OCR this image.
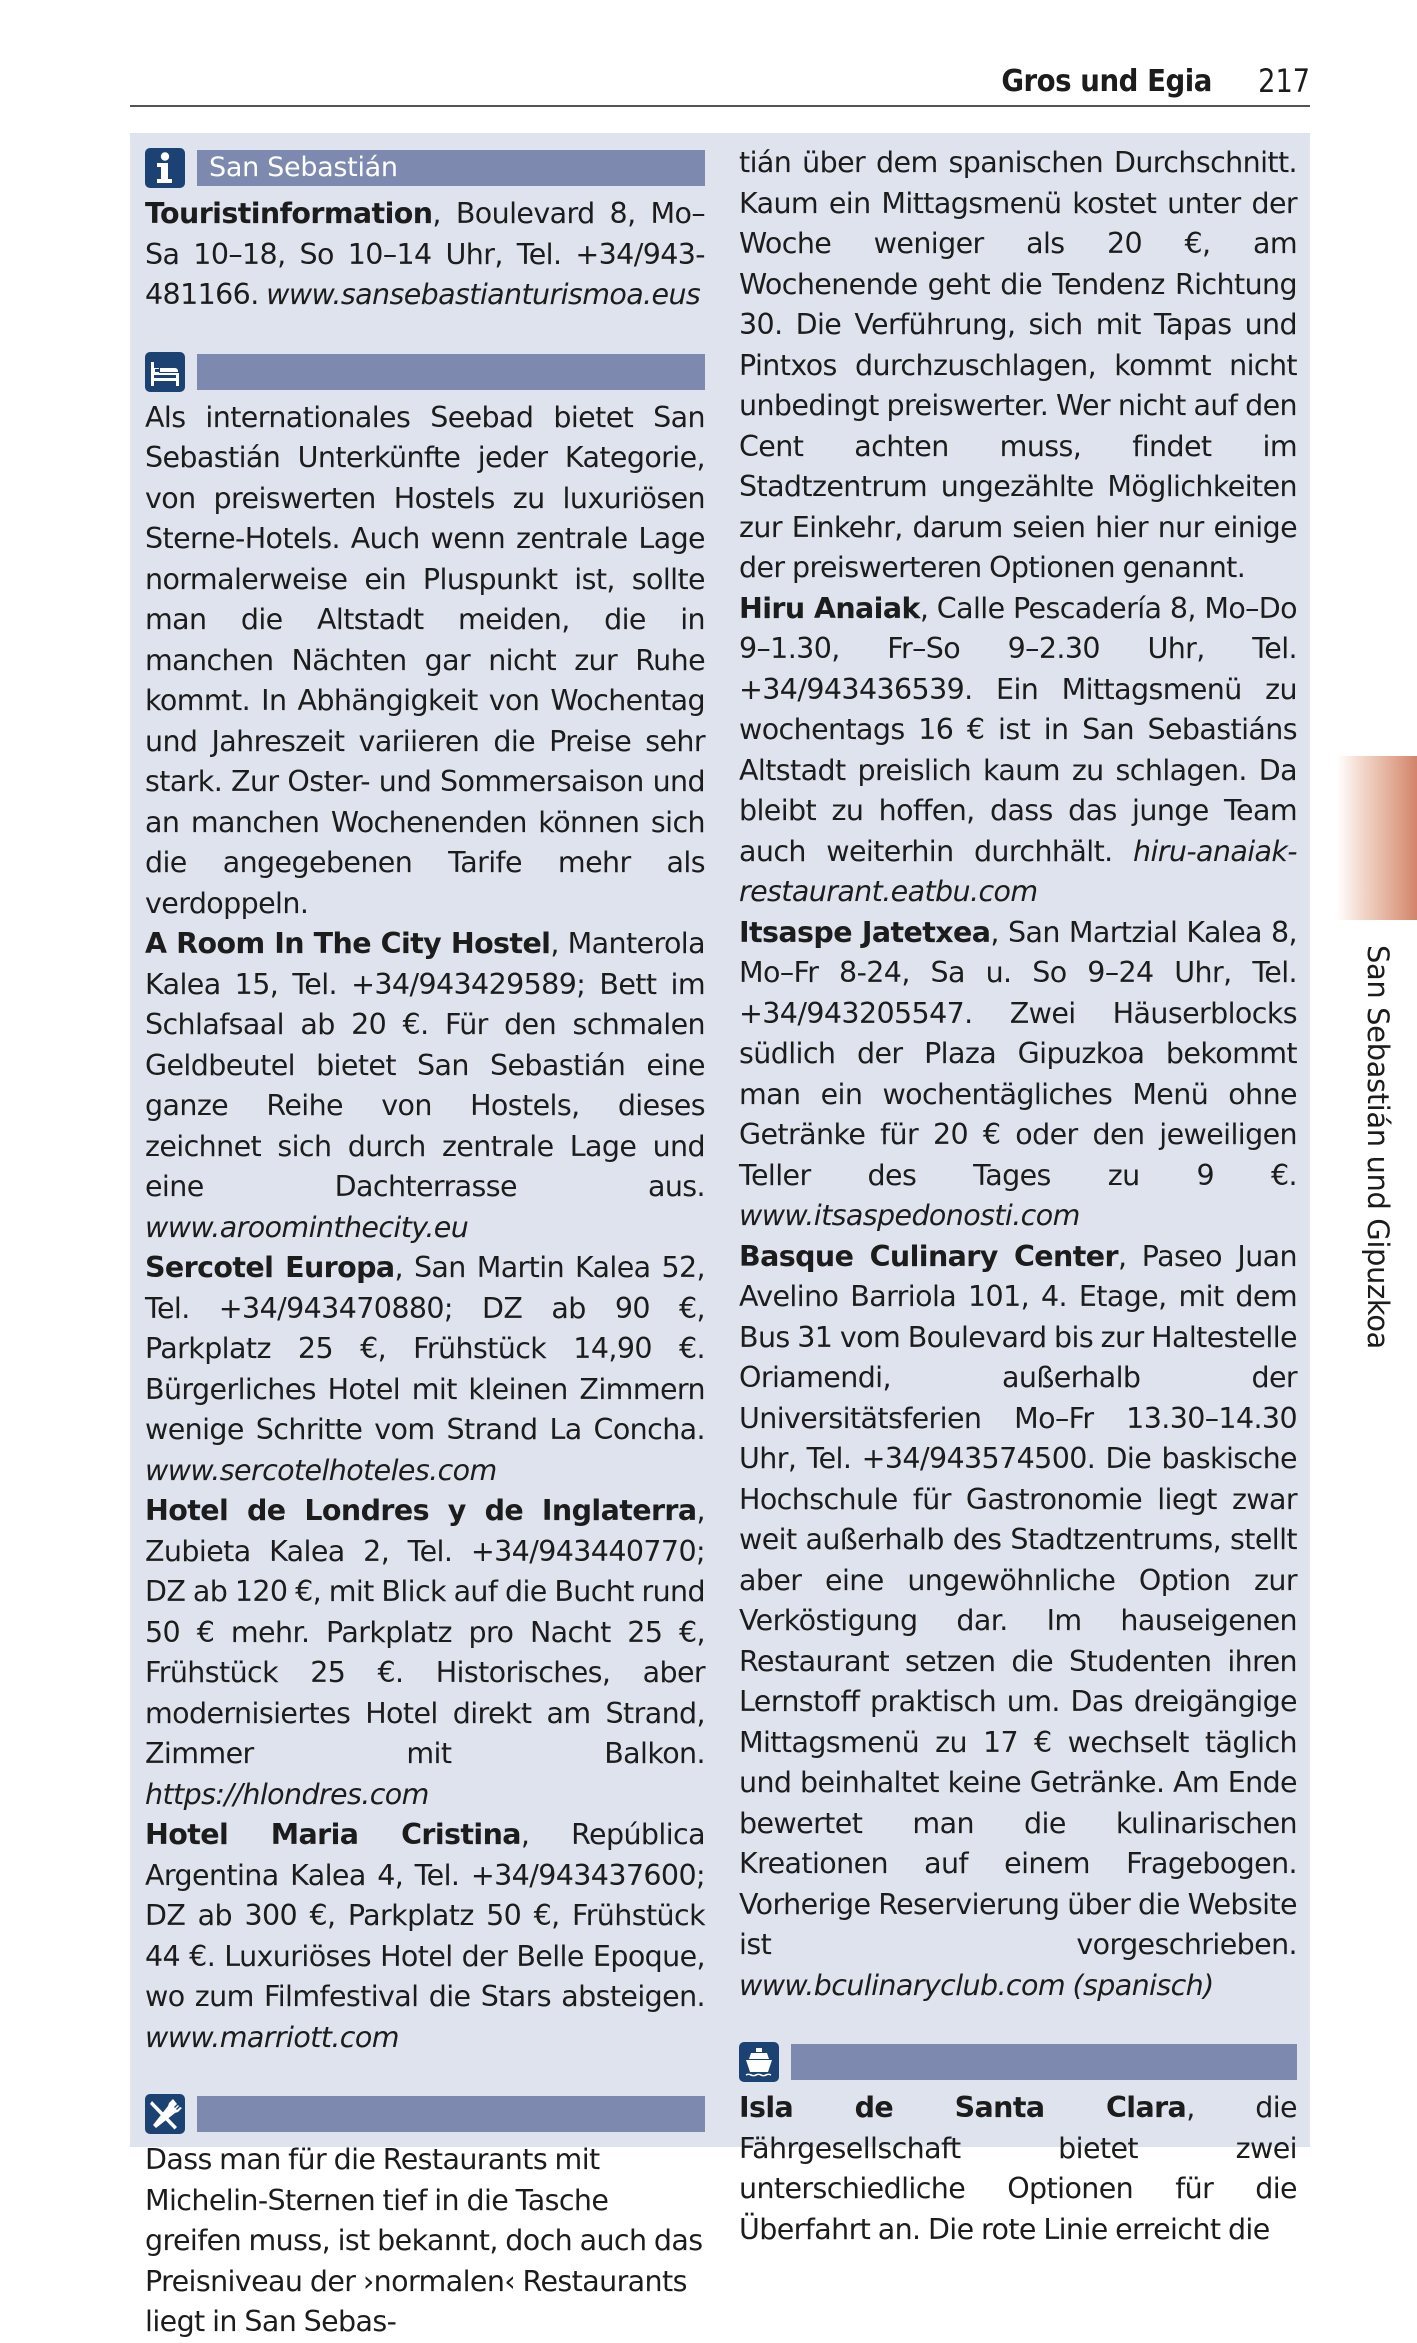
Gros und Egia 217
San Sebastián

Touristinformation, Boulevard 8, Mo–Sa 10–18, So 10–14 Uhr, Tel. +34/943-481166. www.sansebastianturismoa.eus

Als internationales Seebad bietet San Sebastián Unterkünfte jeder Kategorie, von preiswerten Hostels zu luxuriösen Sterne-Hotels. Auch wenn zentrale Lage normalerweise ein Pluspunkt ist, sollte man die Altstadt meiden, die in manchen Nächten gar nicht zur Ruhe kommt. In Abhängigkeit von Wochentag und Jahreszeit variieren die Preise sehr stark. Zur Oster- und Sommersaison und an manchen Wochenenden können sich die angegebenen Tarife mehr als verdoppeln.

A Room In The City Hostel, Manterola Kalea 15, Tel. +34/943429589; Bett im Schlafsaal ab 20 €. Für den schmalen Geldbeutel bietet San Sebastián eine ganze Reihe von Hostels, dieses zeichnet sich durch zentrale Lage und eine Dachterrasse aus. www.aroominthecity.eu

Sercotel Europa, San Martin Kalea 52, Tel. +34/943470880; DZ ab 90 €, Parkplatz 25 €, Frühstück 14,90 €. Bürgerliches Hotel mit kleinen Zimmern wenige Schritte vom Strand La Concha. www.sercotelhoteles.com

Hotel de Londres y de Inglaterra, Zubieta Kalea 2, Tel. +34/943440770; DZ ab 120 €, mit Blick auf die Bucht rund 50 € mehr. Parkplatz pro Nacht 25 €, Frühstück 25 €. Historisches, aber modernisiertes Hotel direkt am Strand, Zimmer mit Balkon. https://hlondres.com

Hotel Maria Cristina, República Argentina Kalea 4, Tel. +34/943437600; DZ ab 300 €, Parkplatz 50 €, Frühstück 44 €. Luxuriöses Hotel der Belle Epoque, wo zum Filmfestival die Stars absteigen. www.marriott.com

Dass man für die Restaurants mit Michelin-Sternen tief in die Tasche greifen muss, ist bekannt, doch auch das Preisniveau der ›normalen‹ Restaurants liegt in San Sebas-

tián über dem spanischen Durchschnitt. Kaum ein Mittagsmenü kostet unter der Woche weniger als 20 €, am Wochenende geht die Tendenz Richtung 30. Die Verführung, sich mit Tapas und Pintxos durchzuschlagen, kommt nicht unbedingt preiswerter. Wer nicht auf den Cent achten muss, findet im Stadtzentrum ungezählte Möglichkeiten zur Einkehr, darum seien hier nur einige der preiswerteren Optionen genannt.

Hiru Anaiak, Calle Pescadería 8, Mo–Do 9–1.30, Fr–So 9–2.30 Uhr, Tel. +34/943436539. Ein Mittagsmenü zu wochentags 16 € ist in San Sebastiáns Altstadt preislich kaum zu schlagen. Da bleibt zu hoffen, dass das junge Team auch weiterhin durchhält. hiru-anaiak-restaurant.eatbu.com

Itsaspe Jatetxea, San Martzial Kalea 8, Mo–Fr 8-24, Sa u. So 9–24 Uhr, Tel. +34/943205547. Zwei Häuserblocks südlich der Plaza Gipuzkoa bekommt man ein wochentägliches Menü ohne Getränke für 20 € oder den jeweiligen Teller des Tages zu 9 €. www.itsaspedonosti.com

Basque Culinary Center, Paseo Juan Avelino Barriola 101, 4. Etage, mit dem Bus 31 vom Boulevard bis zur Haltestelle Oriamendi, außerhalb der Universitätsferien Mo–Fr 13.30–14.30 Uhr, Tel. +34/943574500. Die baskische Hochschule für Gastronomie liegt zwar weit außerhalb des Stadtzentrums, stellt aber eine ungewöhnliche Option zur Verköstigung dar. Im hauseigenen Restaurant setzen die Studenten ihren Lernstoff praktisch um. Das dreigängige Mittagsmenü zu 17 € wechselt täglich und beinhaltet keine Getränke. Am Ende bewertet man die kulinarischen Kreationen auf einem Fragebogen. Vorherige Reservierung über die Website ist vorgeschrieben. www.bculinaryclub.com (spanisch)

Isla de Santa Clara, die Fährgesellschaft bietet zwei unterschiedliche Optionen für die Überfahrt an. Die rote Linie erreicht die

San Sebastián und Gipuzkoa
